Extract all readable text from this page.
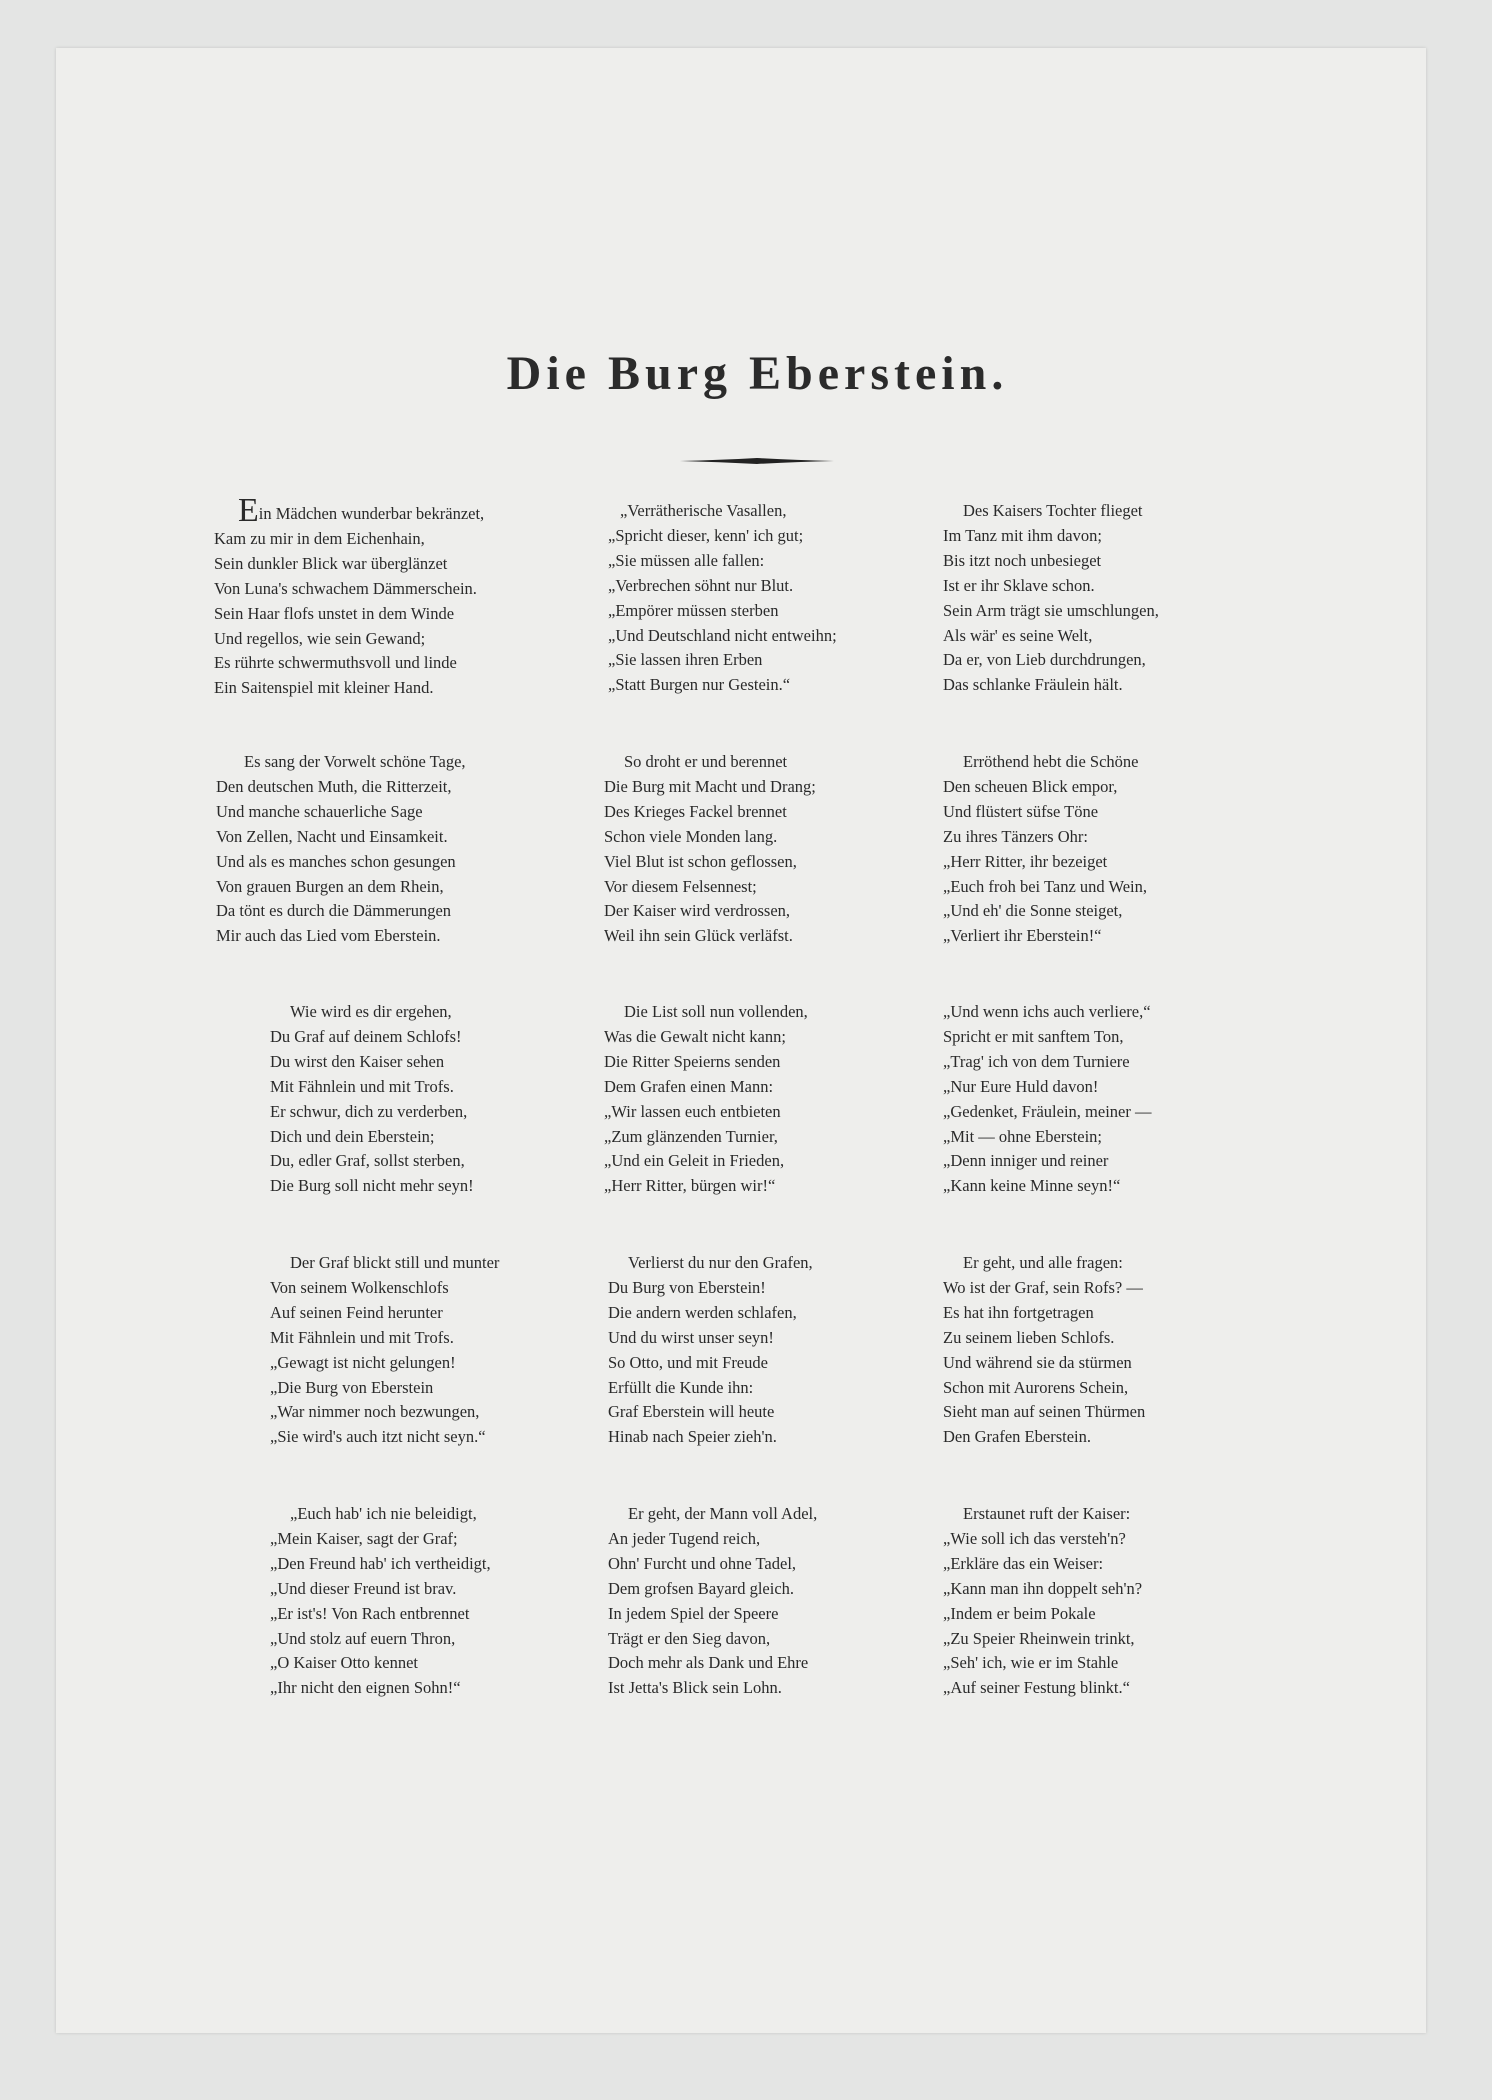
Die Burg Eberstein.
Ein Mädchen wunderbar bekränzet,
Kam zu mir in dem Eichenhain,
Sein dunkler Blick war überglänzet
Von Luna's schwachem Dämmerschein.
Sein Haar flofs unstet in dem Winde
Und regellos, wie sein Gewand;
Es rührte schwermuthsvoll und linde
Ein Saitenspiel mit kleiner Hand.
„Verrätherische Vasallen,
„Spricht dieser, kenn' ich gut;
„Sie müssen alle fallen:
„Verbrechen söhnt nur Blut.
„Empörer müssen sterben
„Und Deutschland nicht entweihn;
„Sie lassen ihren Erben
„Statt Burgen nur Gestein.“
Des Kaisers Tochter flieget
Im Tanz mit ihm davon;
Bis itzt noch unbesieget
Ist er ihr Sklave schon.
Sein Arm trägt sie umschlungen,
Als wär' es seine Welt,
Da er, von Lieb durchdrungen,
Das schlanke Fräulein hält.
Es sang der Vorwelt schöne Tage,
Den deutschen Muth, die Ritterzeit,
Und manche schauerliche Sage
Von Zellen, Nacht und Einsamkeit.
Und als es manches schon gesungen
Von grauen Burgen an dem Rhein,
Da tönt es durch die Dämmerungen
Mir auch das Lied vom Eberstein.
So droht er und berennet
Die Burg mit Macht und Drang;
Des Krieges Fackel brennet
Schon viele Monden lang.
Viel Blut ist schon geflossen,
Vor diesem Felsennest;
Der Kaiser wird verdrossen,
Weil ihn sein Glück verläfst.
Erröthend hebt die Schöne
Den scheuen Blick empor,
Und flüstert süfse Töne
Zu ihres Tänzers Ohr:
„Herr Ritter, ihr bezeiget
„Euch froh bei Tanz und Wein,
„Und eh' die Sonne steiget,
„Verliert ihr Eberstein!“
Wie wird es dir ergehen,
Du Graf auf deinem Schlofs!
Du wirst den Kaiser sehen
Mit Fähnlein und mit Trofs.
Er schwur, dich zu verderben,
Dich und dein Eberstein;
Du, edler Graf, sollst sterben,
Die Burg soll nicht mehr seyn!
Die List soll nun vollenden,
Was die Gewalt nicht kann;
Die Ritter Speierns senden
Dem Grafen einen Mann:
„Wir lassen euch entbieten
„Zum glänzenden Turnier,
„Und ein Geleit in Frieden,
„Herr Ritter, bürgen wir!“
„Und wenn ichs auch verliere,“
Spricht er mit sanftem Ton,
„Trag' ich von dem Turniere
„Nur Eure Huld davon!
„Gedenket, Fräulein, meiner —
„Mit — ohne Eberstein;
„Denn inniger und reiner
„Kann keine Minne seyn!“
Der Graf blickt still und munter
Von seinem Wolkenschlofs
Auf seinen Feind herunter
Mit Fähnlein und mit Trofs.
„Gewagt ist nicht gelungen!
„Die Burg von Eberstein
„War nimmer noch bezwungen,
„Sie wird's auch itzt nicht seyn.“
Verlierst du nur den Grafen,
Du Burg von Eberstein!
Die andern werden schlafen,
Und du wirst unser seyn!
So Otto, und mit Freude
Erfüllt die Kunde ihn:
Graf Eberstein will heute
Hinab nach Speier zieh'n.
Er geht, und alle fragen:
Wo ist der Graf, sein Rofs? —
Es hat ihn fortgetragen
Zu seinem lieben Schlofs.
Und während sie da stürmen
Schon mit Aurorens Schein,
Sieht man auf seinen Thürmen
Den Grafen Eberstein.
„Euch hab' ich nie beleidigt,
„Mein Kaiser, sagt der Graf;
„Den Freund hab' ich vertheidigt,
„Und dieser Freund ist brav.
„Er ist's! Von Rach entbrennet
„Und stolz auf euern Thron,
„O Kaiser Otto kennet
„Ihr nicht den eignen Sohn!“
Er geht, der Mann voll Adel,
An jeder Tugend reich,
Ohn' Furcht und ohne Tadel,
Dem grofsen Bayard gleich.
In jedem Spiel der Speere
Trägt er den Sieg davon,
Doch mehr als Dank und Ehre
Ist Jetta's Blick sein Lohn.
Erstaunet ruft der Kaiser:
„Wie soll ich das versteh'n?
„Erkläre das ein Weiser:
„Kann man ihn doppelt seh'n?
„Indem er beim Pokale
„Zu Speier Rheinwein trinkt,
„Seh' ich, wie er im Stahle
„Auf seiner Festung blinkt.“
